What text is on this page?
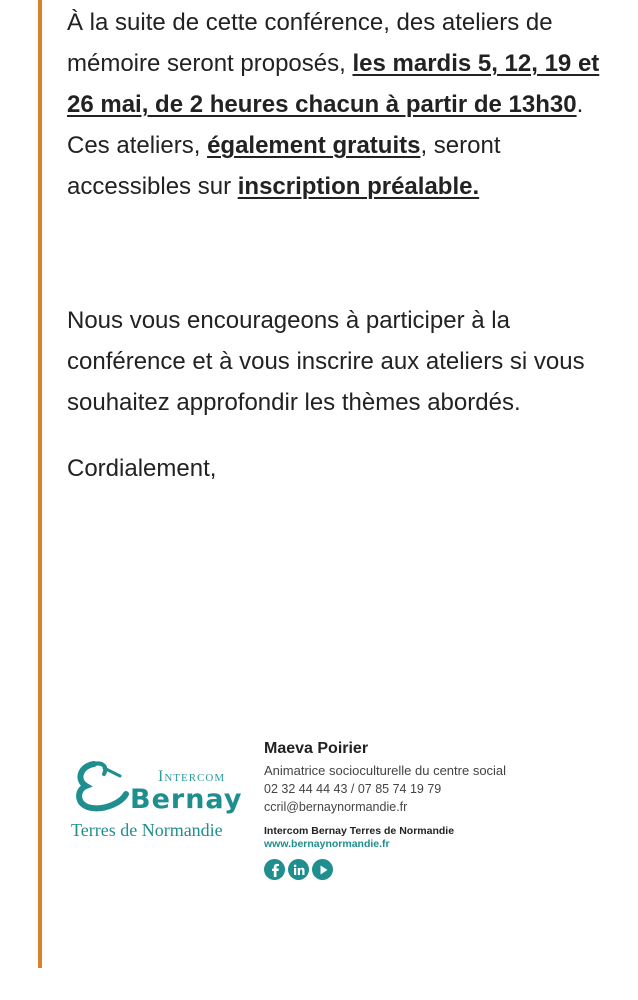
À la suite de cette conférence, des ateliers de mémoire seront proposés, les mardis 5, 12, 19 et 26 mai, de 2 heures chacun à partir de 13h30. Ces ateliers, également gratuits, seront accessibles sur inscription préalable.

Nous vous encourageons à participer à la conférence et à vous inscrire aux ateliers si vous souhaitez approfondir les thèmes abordés.

Cordialement,

Intercom
Bernay
Terres de Normandie
Maeva Poirier
Animatrice socioculturelle du centre social
02 32 44 44 43 / 07 85 74 19 79
ccril@bernaynormandie.fr
Intercom Bernay Terres de Normandie
www.bernaynormandie.fr
